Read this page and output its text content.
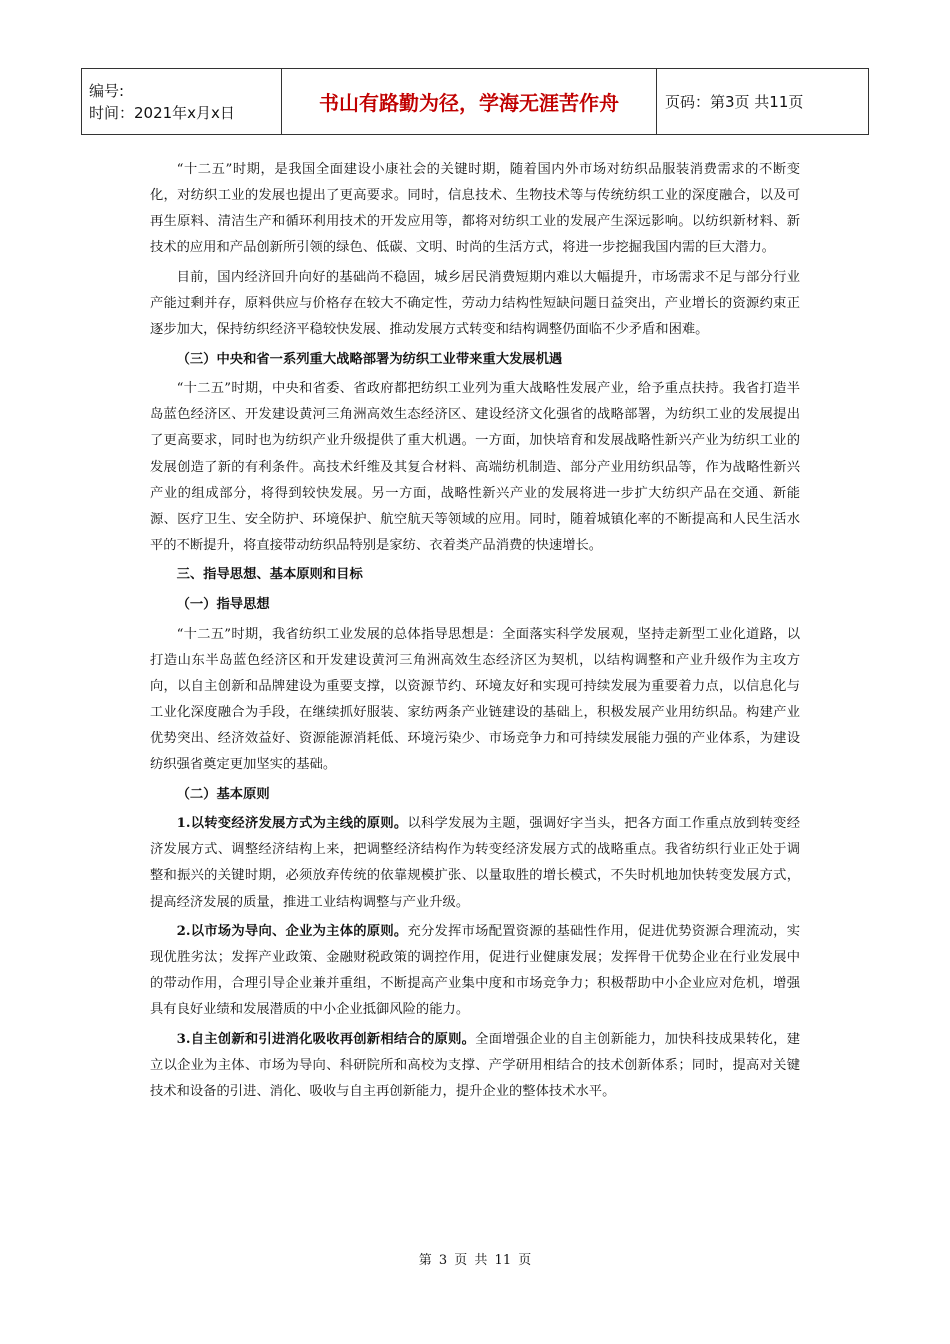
编号:
时间：2021年x月x日	书山有路勤为径，学海无涯苦作舟	页码：第3页 共11页

“十二五”时期，是我国全面建设小康社会的关键时期，随着国内外市场对纺织品服装消费需求的不断变化，对纺织工业的发展也提出了更高要求。同时，信息技术、生物技术等与传统纺织工业的深度融合，以及可再生原料、清洁生产和循环利用技术的开发应用等，都将对纺织工业的发展产生深远影响。以纺织新材料、新技术的应用和产品创新所引领的绿色、低碳、文明、时尚的生活方式，将进一步挖掘我国内需的巨大潜力。

目前，国内经济回升向好的基础尚不稳固，城乡居民消费短期内难以大幅提升，市场需求不足与部分行业产能过剩并存，原料供应与价格存在较大不确定性，劳动力结构性短缺问题日益突出，产业增长的资源约束正逐步加大，保持纺织经济平稳较快发展、推动发展方式转变和结构调整仍面临不少矛盾和困难。

（三）中央和省一系列重大战略部署为纺织工业带来重大发展机遇

“十二五”时期，中央和省委、省政府都把纺织工业列为重大战略性发展产业，给予重点扶持。我省打造半岛蓝色经济区、开发建设黄河三角洲高效生态经济区、建设经济文化强省的战略部署，为纺织工业的发展提出了更高要求，同时也为纺织产业升级提供了重大机遇。一方面，加快培育和发展战略性新兴产业为纺织工业的发展创造了新的有利条件。高技术纤维及其复合材料、高端纺机制造、部分产业用纺织品等，作为战略性新兴产业的组成部分，将得到较快发展。另一方面，战略性新兴产业的发展将进一步扩大纺织产品在交通、新能源、医疗卫生、安全防护、环境保护、航空航天等领域的应用。同时，随着城镇化率的不断提高和人民生活水平的不断提升，将直接带动纺织品特别是家纺、衣着类产品消费的快速增长。

三、指导思想、基本原则和目标

（一）指导思想

“十二五”时期，我省纺织工业发展的总体指导思想是：全面落实科学发展观，坚持走新型工业化道路，以打造山东半岛蓝色经济区和开发建设黄河三角洲高效生态经济区为契机，以结构调整和产业升级作为主攻方向，以自主创新和品牌建设为重要支撑，以资源节约、环境友好和实现可持续发展为重要着力点，以信息化与工业化深度融合为手段，在继续抓好服装、家纺两条产业链建设的基础上，积极发展产业用纺织品。构建产业优势突出、经济效益好、资源能源消耗低、环境污染少、市场竞争力和可持续发展能力强的产业体系，为建设纺织强省奠定更加坚实的基础。

（二）基本原则

1.以转变经济发展方式为主线的原则。以科学发展为主题，强调好字当头，把各方面工作重点放到转变经济发展方式、调整经济结构上来，把调整经济结构作为转变经济发展方式的战略重点。我省纺织行业正处于调整和振兴的关键时期，必须放弃传统的依靠规模扩张、以量取胜的增长模式，不失时机地加快转变发展方式，提高经济发展的质量，推进工业结构调整与产业升级。

2.以市场为导向、企业为主体的原则。充分发挥市场配置资源的基础性作用，促进优势资源合理流动，实现优胜劣汰；发挥产业政策、金融财税政策的调控作用，促进行业健康发展；发挥骨干优势企业在行业发展中的带动作用，合理引导企业兼并重组，不断提高产业集中度和市场竞争力；积极帮助中小企业应对危机，增强具有良好业绩和发展潜质的中小企业抵御风险的能力。

3.自主创新和引进消化吸收再创新相结合的原则。全面增强企业的自主创新能力，加快科技成果转化，建立以企业为主体、市场为导向、科研院所和高校为支撑、产学研用相结合的技术创新体系；同时，提高对关键技术和设备的引进、消化、吸收与自主再创新能力，提升企业的整体技术水平。

第 3 页 共 11 页
